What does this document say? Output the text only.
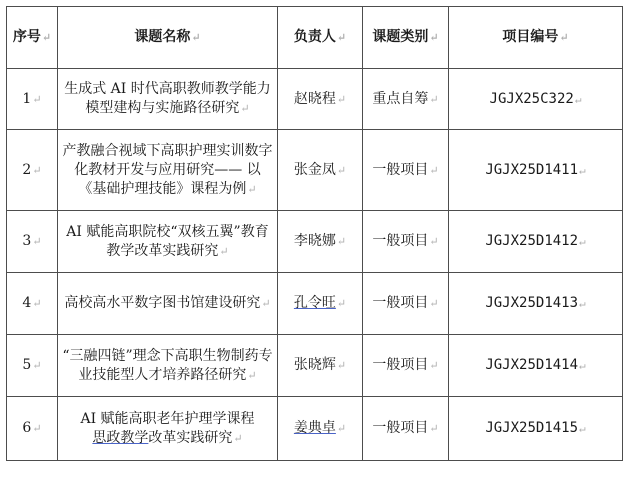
序号↵	课题名称↵	负责人↵	课题类别↵	项目编号↵
1↵	生成式 AI 时代高职教师教学能力模型建构与实施路径研究↵	赵晓程↵	重点自筹↵	JGJX25C322↵
2↵	产教融合视域下高职护理实训数字化教材开发与应用研究—— 以《基础护理技能》课程为例↵	张金凤↵	一般项目↵	JGJX25D1411↵
3↵	AI 赋能高职院校“双核五翼”教育教学改革实践研究↵	李晓娜↵	一般项目↵	JGJX25D1412↵
4↵	高校高水平数字图书馆建设研究↵	孔令旺↵	一般项目↵	JGJX25D1413↵
5↵	“三融四链”理念下高职生物制药专业技能型人才培养路径研究↵	张晓辉↵	一般项目↵	JGJX25D1414↵
6↵	AI 赋能高职老年护理学课程
思政教学改革实践研究↵	姜典卓↵	一般项目↵	JGJX25D1415↵
